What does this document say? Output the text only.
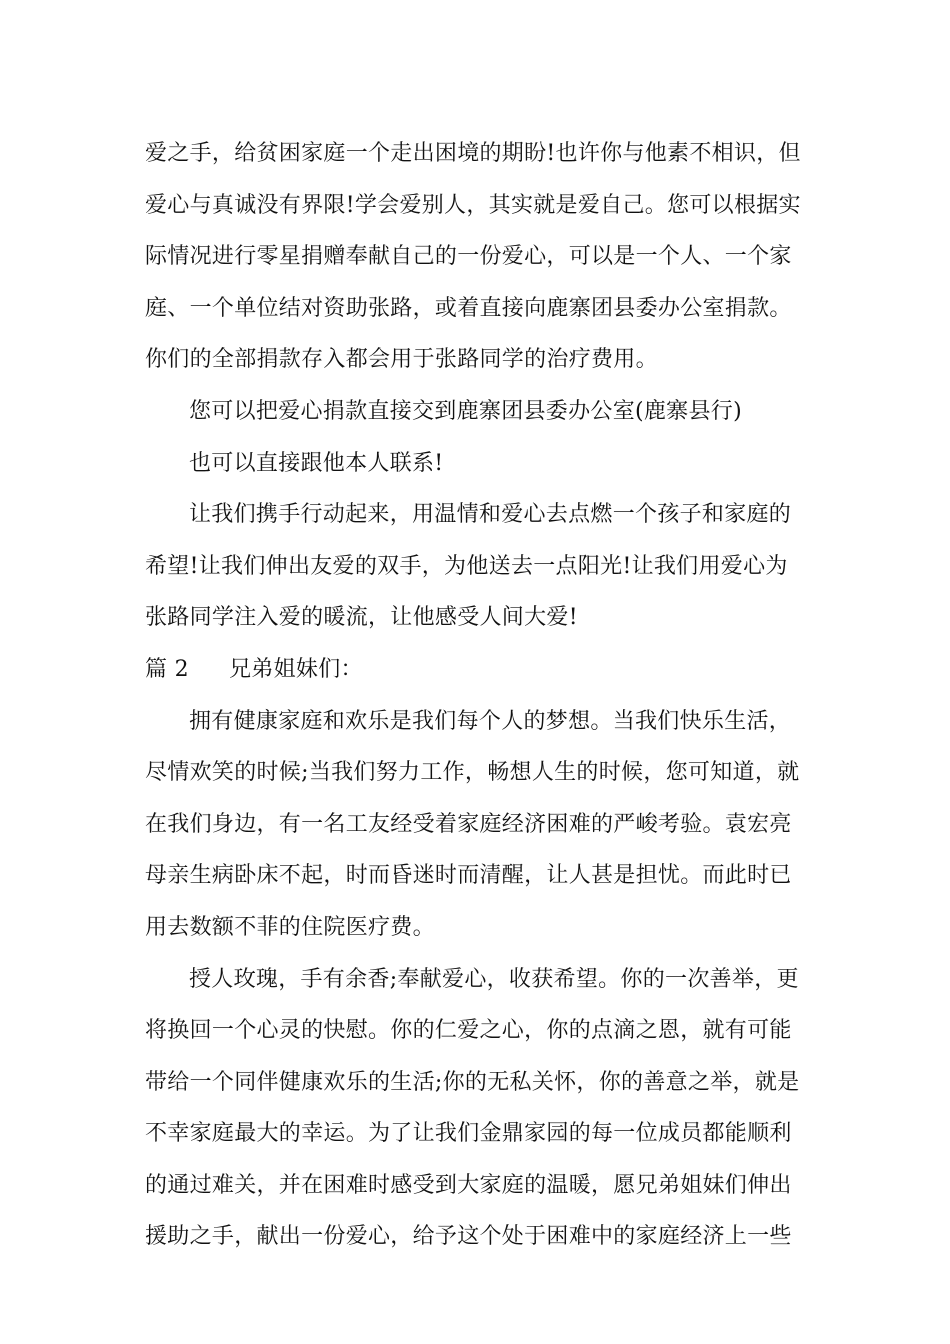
爱之手，给贫困家庭一个走出困境的期盼!也许你与他素不相识，但
爱心与真诚没有界限!学会爱别人，其实就是爱自己。您可以根据实
际情况进行零星捐赠奉献自己的一份爱心，可以是一个人、一个家
庭、一个单位结对资助张路，或着直接向鹿寨团县委办公室捐款。
你们的全部捐款存入都会用于张路同学的治疗费用。
您可以把爱心捐款直接交到鹿寨团县委办公室(鹿寨县行)
也可以直接跟他本人联系!
让我们携手行动起来，用温情和爱心去点燃一个孩子和家庭的
希望!让我们伸出友爱的双手，为他送去一点阳光!让我们用爱心为
张路同学注入爱的暖流，让他感受人间大爱!
篇 2 兄弟姐妹们：
拥有健康家庭和欢乐是我们每个人的梦想。当我们快乐生活，
尽情欢笑的时候;当我们努力工作，畅想人生的时候，您可知道，就
在我们身边，有一名工友经受着家庭经济困难的严峻考验。袁宏亮
母亲生病卧床不起，时而昏迷时而清醒，让人甚是担忧。而此时已
用去数额不菲的住院医疗费。
授人玫瑰，手有余香;奉献爱心，收获希望。你的一次善举，更
将换回一个心灵的快慰。你的仁爱之心，你的点滴之恩，就有可能
带给一个同伴健康欢乐的生活;你的无私关怀，你的善意之举，就是
不幸家庭最大的幸运。为了让我们金鼎家园的每一位成员都能顺利
的通过难关，并在困难时感受到大家庭的温暖，愿兄弟姐妹们伸出
援助之手，献出一份爱心，给予这个处于困难中的家庭经济上一些
